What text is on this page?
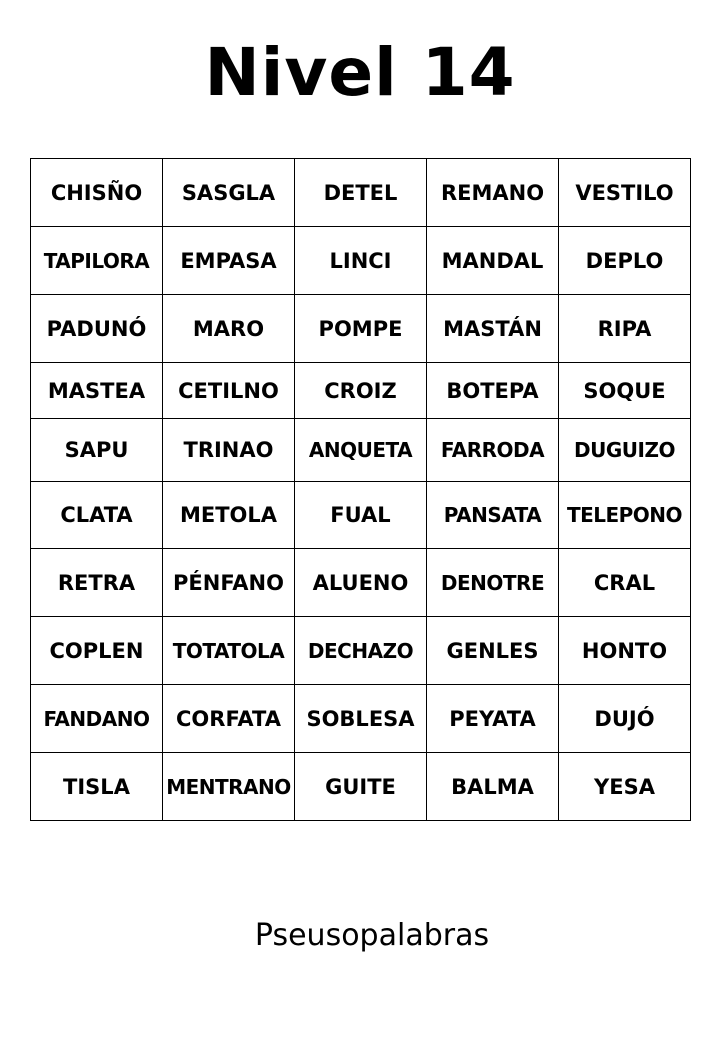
Nivel 14
CHISÑO	SASGLA	DETEL	REMANO	VESTILO
TAPILORA	EMPASA	LINCI	MANDAL	DEPLO
PADUNÓ	MARO	POMPE	MASTÁN	RIPA
MASTEA	CETILNO	CROIZ	BOTEPA	SOQUE
SAPU	TRINAO	ANQUETA	FARRODA	DUGUIZO
CLATA	METOLA	FUAL	PANSATA	TELEPONO
RETRA	PÉNFANO	ALUENO	DENOTRE	CRAL
COPLEN	TOTATOLA	DECHAZO	GENLES	HONTO
FANDANO	CORFATA	SOBLESA	PEYATA	DUJÓ
TISLA	MENTRANO	GUITE	BALMA	YESA
Pseusopalabras
